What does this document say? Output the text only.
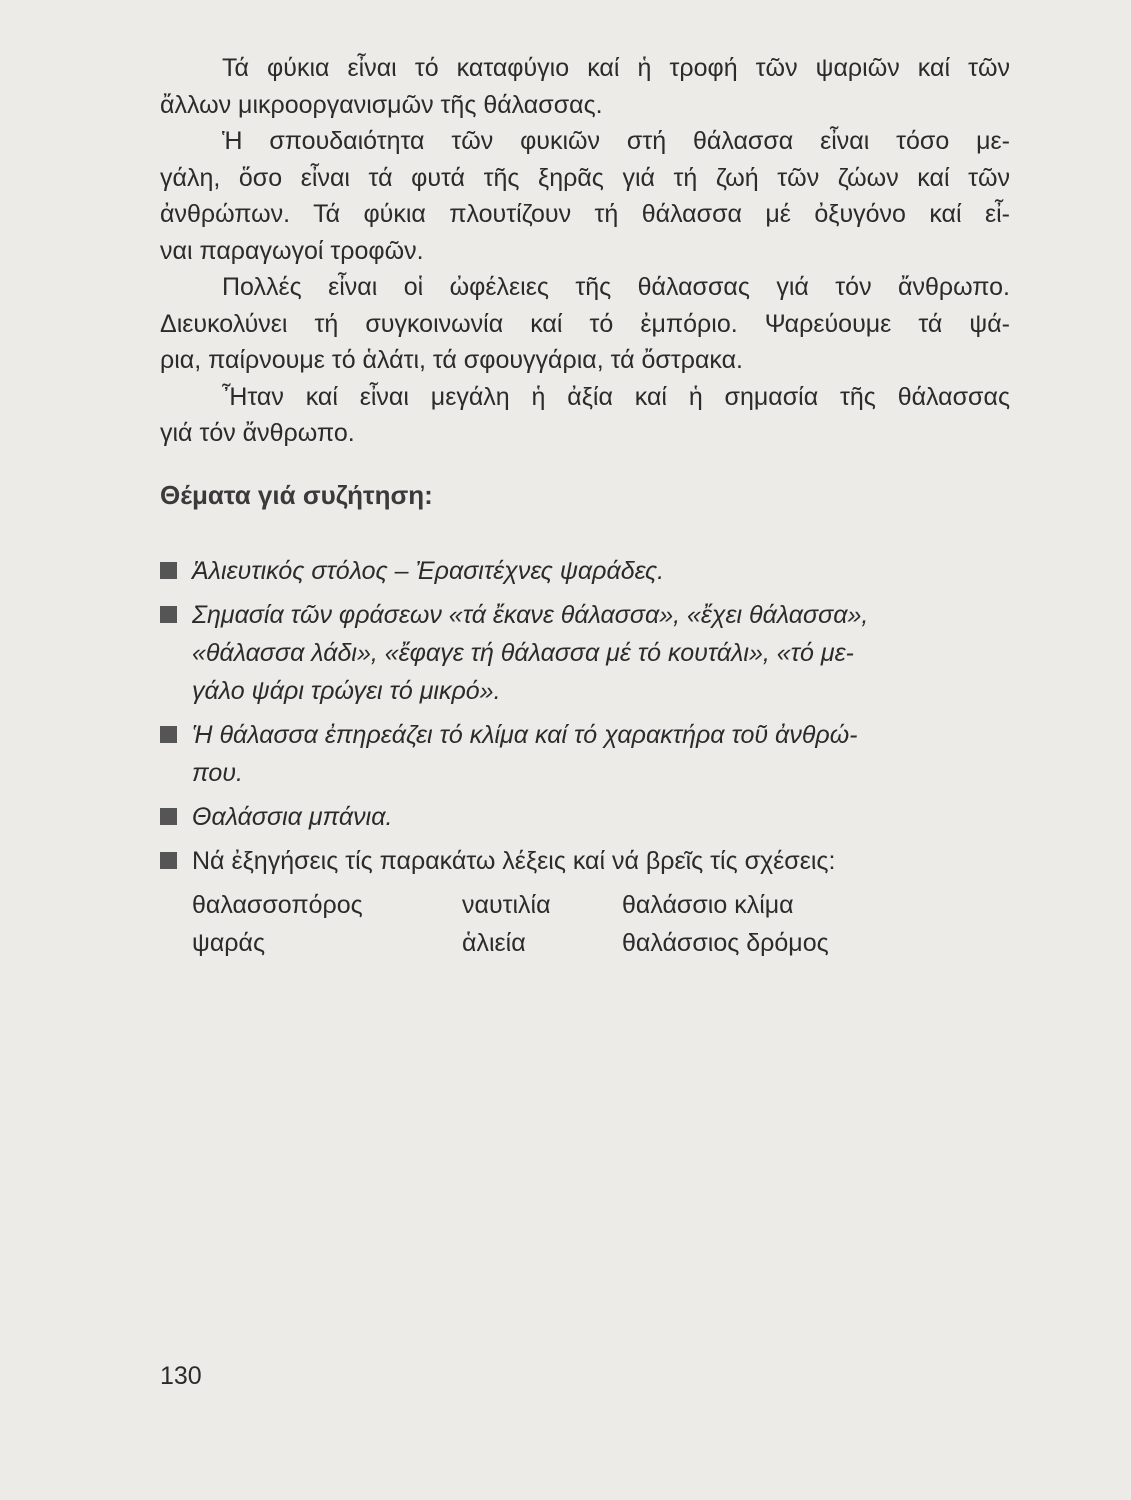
Τά φύκια εἶναι τό καταφύγιο καί ἡ τροφή τῶν ψαριῶν καί τῶν
ἄλλων μικροοργανισμῶν τῆς θάλασσας.

Ἡ σπουδαιότητα τῶν φυκιῶν στή θάλασσα εἶναι τόσο με-
γάλη, ὅσο εἶναι τά φυτά τῆς ξηρᾶς γιά τή ζωή τῶν ζώων καί τῶν
ἀνθρώπων. Τά φύκια πλουτίζουν τή θάλασσα μέ ὀξυγόνο καί εἶ-
ναι παραγωγοί τροφῶν.

Πολλές εἶναι οἱ ὠφέλειες τῆς θάλασσας γιά τόν ἄνθρωπο.
Διευκολύνει τή συγκοινωνία καί τό ἐμπόριο. Ψαρεύουμε τά ψά-
ρια, παίρνουμε τό ἁλάτι, τά σφουγγάρια, τά ὄστρακα.

Ἦταν καί εἶναι μεγάλη ἡ ἀξία καί ἡ σημασία τῆς θάλασσας
γιά τόν ἄνθρωπο.

Θέματα γιά συζήτηση:
Ἁλιευτικός στόλος – Ἐρασιτέχνες ψαράδες.
Σημασία τῶν φράσεων «τά ἔκανε θάλασσα», «ἔχει θάλασσα»,
«θάλασσα λάδι», «ἔφαγε τή θάλασσα μέ τό κουτάλι», «τό με-
γάλο ψάρι τρώγει τό μικρό».
Ἡ θάλασσα ἐπηρεάζει τό κλίμα καί τό χαρακτήρα τοῦ ἀνθρώ-
που.
Θαλάσσια μπάνια.
Νά ἐξηγήσεις τίς παρακάτω λέξεις καί νά βρεῖς τίς σχέσεις:
θαλασσοπόρος	ναυτιλία	θαλάσσιο κλίμα
ψαράς	ἁλιεία	θαλάσσιος δρόμος
130
